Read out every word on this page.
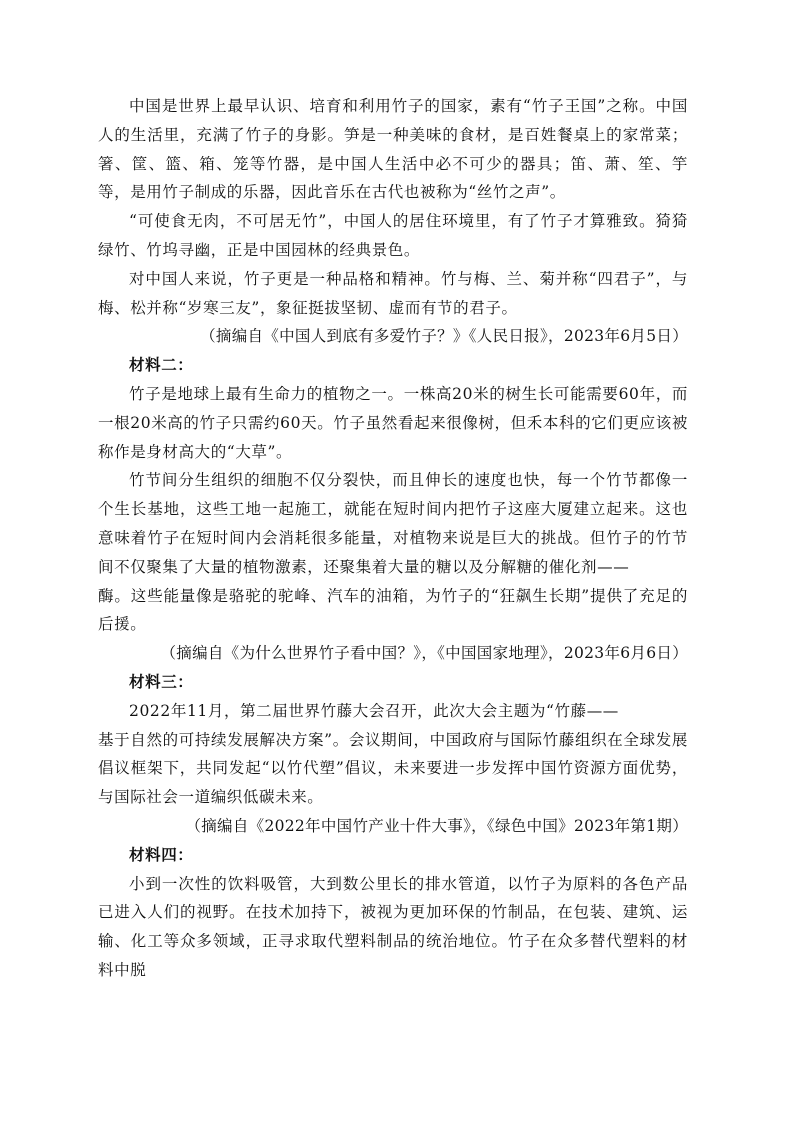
中国是世界上最早认识、培育和利用竹子的国家，素有“竹子王国”之称。中国人的生活里，充满了竹子的身影。笋是一种美味的食材，是百姓餐桌上的家常菜；箸、筐、篮、箱、笼等竹器，是中国人生活中必不可少的器具；笛、萧、笙、竽等，是用竹子制成的乐器，因此音乐在古代也被称为“丝竹之声”。

“可使食无肉，不可居无竹”，中国人的居住环境里，有了竹子才算雅致。猗猗绿竹、竹坞寻幽，正是中国园林的经典景色。

对中国人来说，竹子更是一种品格和精神。竹与梅、兰、菊并称“四君子”，与梅、松并称“岁寒三友”，象征挺拔坚韧、虚而有节的君子。

（摘编自《中国人到底有多爱竹子？》《人民日报》，2023年6月5日）

材料二：

竹子是地球上最有生命力的植物之一。一株高20米的树生长可能需要60年，而一根20米高的竹子只需约60天。竹子虽然看起来很像树，但禾本科的它们更应该被称作是身材高大的“大草”。

竹节间分生组织的细胞不仅分裂快，而且伸长的速度也快，每一个竹节都像一个生长基地，这些工地一起施工，就能在短时间内把竹子这座大厦建立起来。这也意味着竹子在短时间内会消耗很多能量，对植物来说是巨大的挑战。但竹子的竹节间不仅聚集了大量的植物激素，还聚集着大量的糖以及分解糖的催化剂——

酶。这些能量像是骆驼的驼峰、汽车的油箱，为竹子的“狂飙生长期”提供了充足的后援。

（摘编自《为什么世界竹子看中国？》，《中国国家地理》，2023年6月6日）

材料三：

2022年11月，第二届世界竹藤大会召开，此次大会主题为“竹藤——

基于自然的可持续发展解决方案”。会议期间，中国政府与国际竹藤组织在全球发展倡议框架下，共同发起“以竹代塑”倡议，未来要进一步发挥中国竹资源方面优势，与国际社会一道编织低碳未来。

（摘编自《2022年中国竹产业十件大事》，《绿色中国》2023年第1期）

材料四：

小到一次性的饮料吸管，大到数公里长的排水管道，以竹子为原料的各色产品已进入人们的视野。在技术加持下，被视为更加环保的竹制品，在包装、建筑、运输、化工等众多领域，正寻求取代塑料制品的统治地位。竹子在众多替代塑料的材料中脱
